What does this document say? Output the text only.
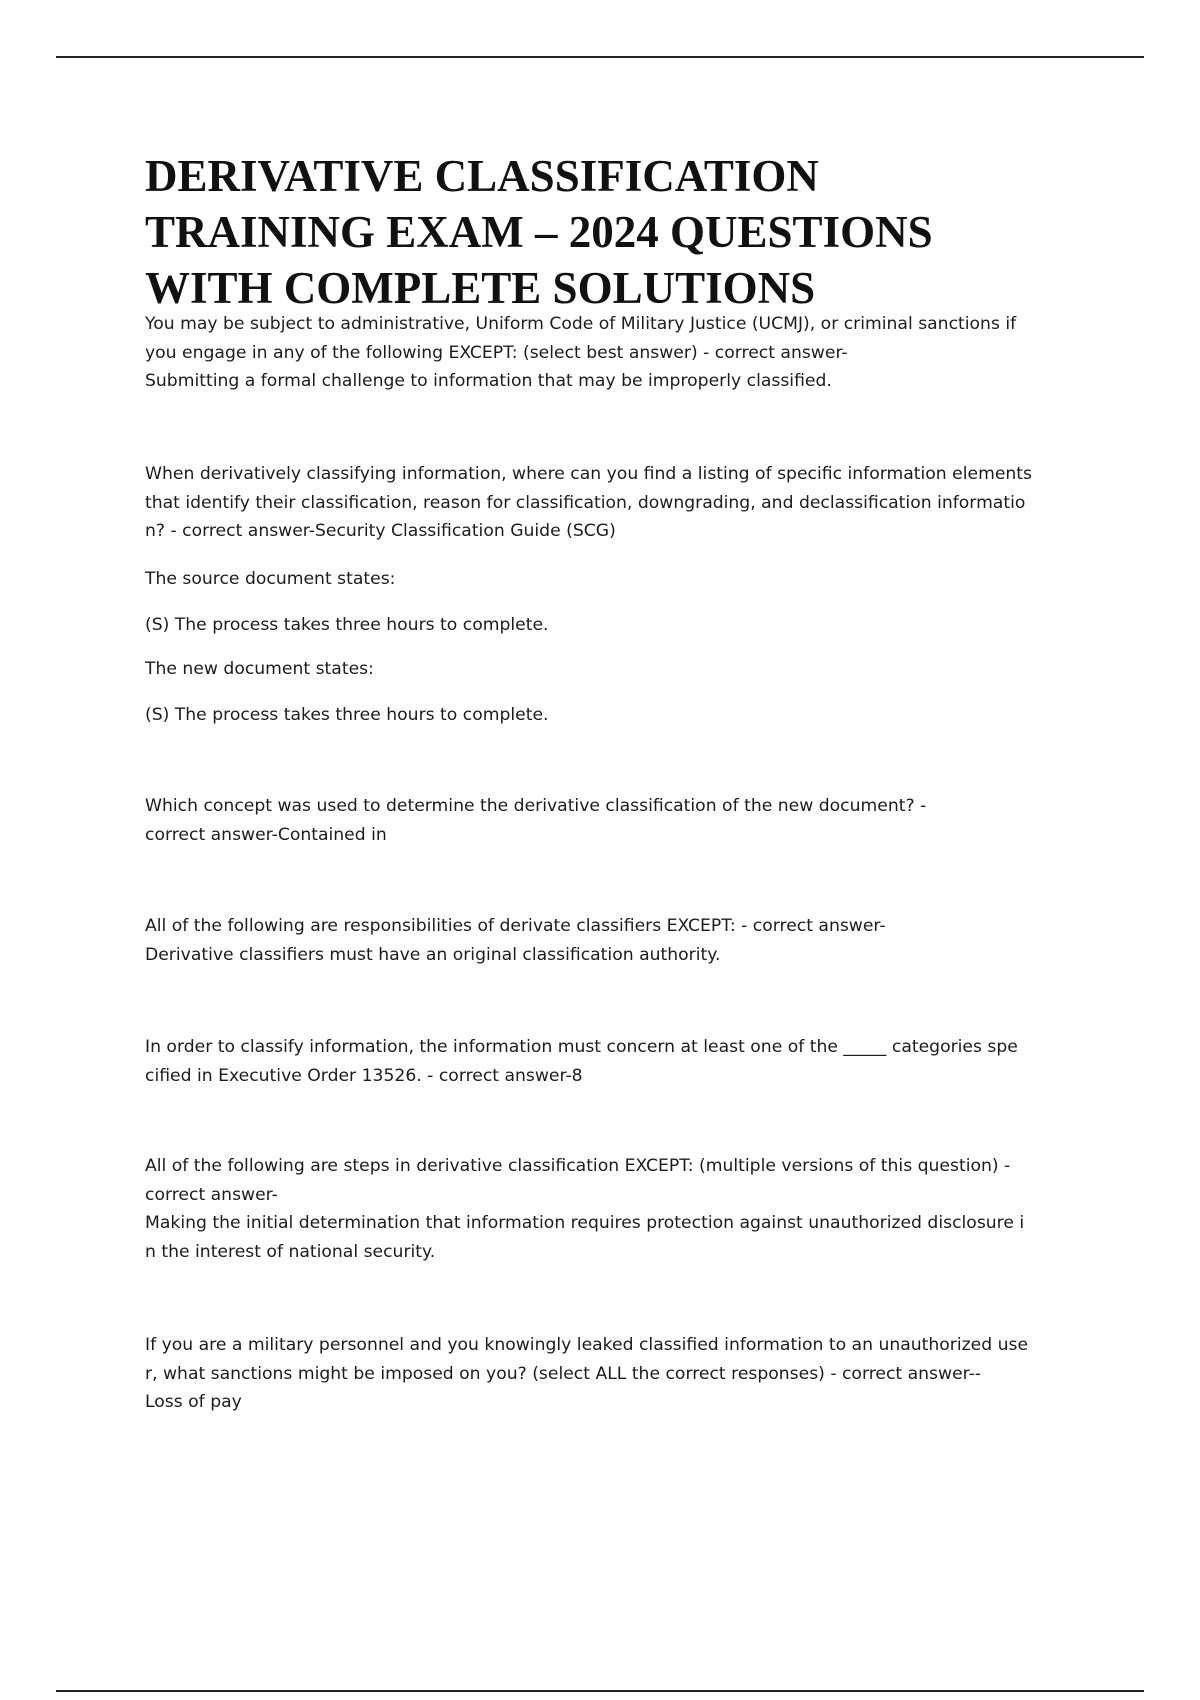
DERIVATIVE CLASSIFICATION
TRAINING EXAM – 2024 QUESTIONS
WITH COMPLETE SOLUTIONS

You may be subject to administrative, Uniform Code of Military Justice (UCMJ), or criminal sanctions if
you engage in any of the following EXCEPT: (select best answer) - correct answer-
Submitting a formal challenge to information that may be improperly classified.

When derivatively classifying information, where can you find a listing of specific information elements
that identify their classification, reason for classification, downgrading, and declassification informatio
n? - correct answer-Security Classification Guide (SCG)

The source document states:

(S) The process takes three hours to complete.

The new document states:

(S) The process takes three hours to complete.

Which concept was used to determine the derivative classification of the new document? -
correct answer-Contained in

All of the following are responsibilities of derivate classifiers EXCEPT: - correct answer-
Derivative classifiers must have an original classification authority.

In order to classify information, the information must concern at least one of the _____ categories spe
cified in Executive Order 13526. - correct answer-8

All of the following are steps in derivative classification EXCEPT: (multiple versions of this question) -
correct answer-
Making the initial determination that information requires protection against unauthorized disclosure i
n the interest of national security.

If you are a military personnel and you knowingly leaked classified information to an unauthorized use
r, what sanctions might be imposed on you? (select ALL the correct responses) - correct answer--
Loss of pay
